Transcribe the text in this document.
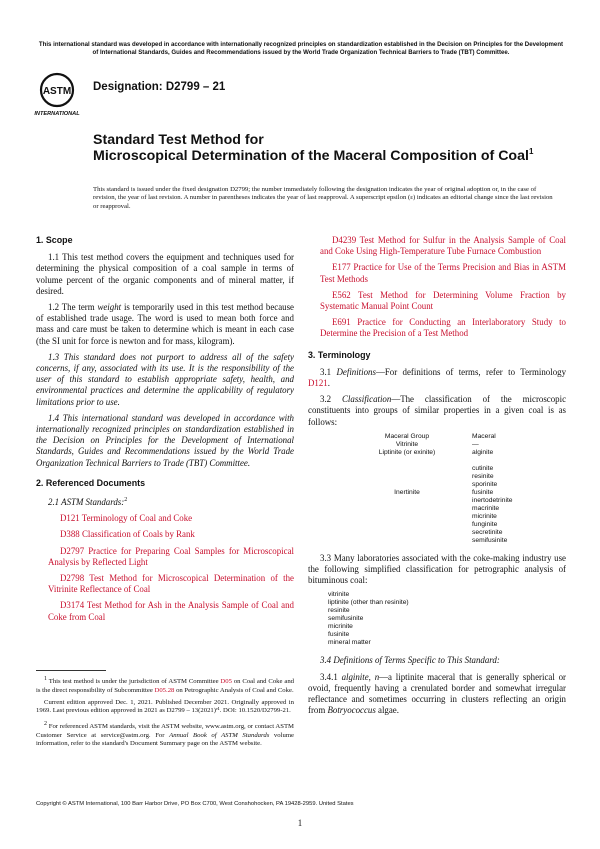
This international standard was developed in accordance with internationally recognized principles on standardization established in the Decision on Principles for the Development of International Standards, Guides and Recommendations issued by the World Trade Organization Technical Barriers to Trade (TBT) Committee.
ASTM
INTERNATIONAL
Designation: D2799 – 21
Standard Test Method for
Microscopical Determination of the Maceral Composition of Coal$^1$
This standard is issued under the fixed designation D2799; the number immediately following the designation indicates the year of original adoption or, in the case of revision, the year of last revision. A number in parentheses indicates the year of last reapproval. A superscript epsilon (ε) indicates an editorial change since the last revision or reapproval.
1. Scope

1.1 This test method covers the equipment and techniques used for determining the physical composition of a coal sample in terms of volume percent of the organic components and of mineral matter, if desired.

1.2 The term weight is temporarily used in this test method because of established trade usage. The word is used to mean both force and mass and care must be taken to determine which is meant in each case (the SI unit for force is newton and for mass, kilogram).

1.3 This standard does not purport to address all of the safety concerns, if any, associated with its use. It is the responsibility of the user of this standard to establish appropriate safety, health, and environmental practices and determine the applicability of regulatory limitations prior to use.

1.4 This international standard was developed in accordance with internationally recognized principles on standardization established in the Decision on Principles for the Development of International Standards, Guides and Recommendations issued by the World Trade Organization Technical Barriers to Trade (TBT) Committee.

2. Referenced Documents

2.1 ASTM Standards:$^2$

D121 Terminology of Coal and Coke

D388 Classification of Coals by Rank

D2797 Practice for Preparing Coal Samples for Microscopical Analysis by Reflected Light

D2798 Test Method for Microscopical Determination of the Vitrinite Reflectance of Coal

D3174 Test Method for Ash in the Analysis Sample of Coal and Coke from Coal

D4239 Test Method for Sulfur in the Analysis Sample of Coal and Coke Using High-Temperature Tube Furnace Combustion

E177 Practice for Use of the Terms Precision and Bias in ASTM Test Methods

E562 Test Method for Determining Volume Fraction by Systematic Manual Point Count

E691 Practice for Conducting an Interlaboratory Study to Determine the Precision of a Test Method

3. Terminology

3.1 Definitions—For definitions of terms, refer to Terminology D121.

3.2 Classification—The classification of the microscopic constituents into groups of similar properties in a given coal is as follows:

Maceral Group	Maceral
Vitrinite	—
Liptinite (or exinite)	alginite

	cutinite
	resinite
	sporinite
Inertinite	fusinite
	inertodetrinite
	macrinite
	micrinite
	funginite
	secretinite
	semifusinite

3.3 Many laboratories associated with the coke-making industry use the following simplified classification for petrographic analysis of bituminous coal:

vitrinite
liptinite (other than resinite)
resinite
semifusinite
micrinite
fusinite
mineral matter

3.4 Definitions of Terms Specific to This Standard:

3.4.1 alginite, n—a liptinite maceral that is generally spherical or ovoid, frequently having a crenulated border and somewhat irregular reflectance and sometimes occurring in clusters reflecting an origin from Botryococcus algae.

$^1$ This test method is under the jurisdiction of ASTM Committee D05 on Coal and Coke and is the direct responsibility of Subcommittee D05.28 on Petrographic Analysis of Coal and Coke.

Current edition approved Dec. 1, 2021. Published December 2021. Originally approved in 1969. Last previous edition approved in 2021 as D2799 – 13(2021)ᵉ¹. DOI: 10.1520/D2799-21.

$^2$ For referenced ASTM standards, visit the ASTM website, www.astm.org, or contact ASTM Customer Service at service@astm.org. For Annual Book of ASTM Standards volume information, refer to the standard's Document Summary page on the ASTM website.

Copyright © ASTM International, 100 Barr Harbor Drive, PO Box C700, West Conshohocken, PA 19428-2959. United States
1
